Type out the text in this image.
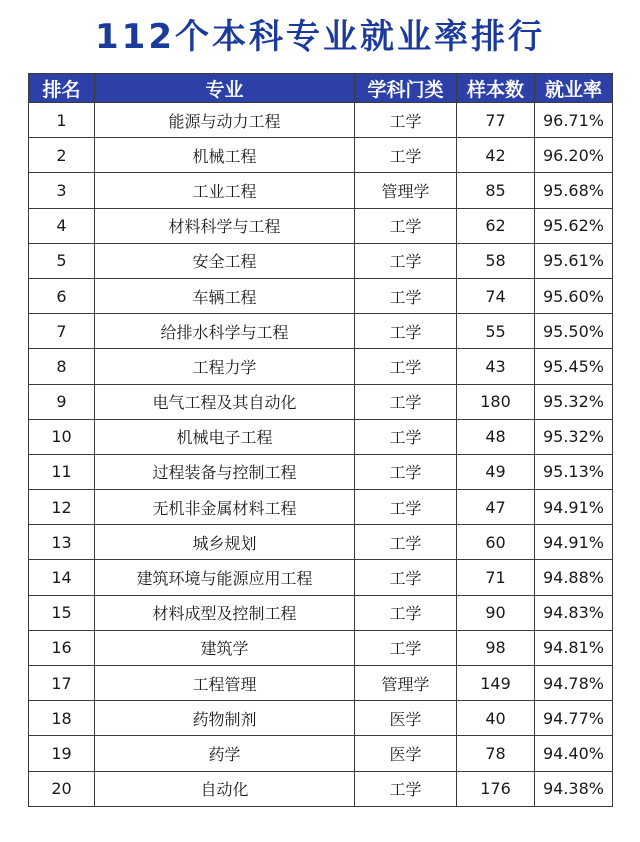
112个本科专业就业率排行
排名	专业	学科门类	样本数	就业率
1	能源与动力工程	工学	77	96.71%
2	机械工程	工学	42	96.20%
3	工业工程	管理学	85	95.68%
4	材料科学与工程	工学	62	95.62%
5	安全工程	工学	58	95.61%
6	车辆工程	工学	74	95.60%
7	给排水科学与工程	工学	55	95.50%
8	工程力学	工学	43	95.45%
9	电气工程及其自动化	工学	180	95.32%
10	机械电子工程	工学	48	95.32%
11	过程装备与控制工程	工学	49	95.13%
12	无机非金属材料工程	工学	47	94.91%
13	城乡规划	工学	60	94.91%
14	建筑环境与能源应用工程	工学	71	94.88%
15	材料成型及控制工程	工学	90	94.83%
16	建筑学	工学	98	94.81%
17	工程管理	管理学	149	94.78%
18	药物制剂	医学	40	94.77%
19	药学	医学	78	94.40%
20	自动化	工学	176	94.38%
